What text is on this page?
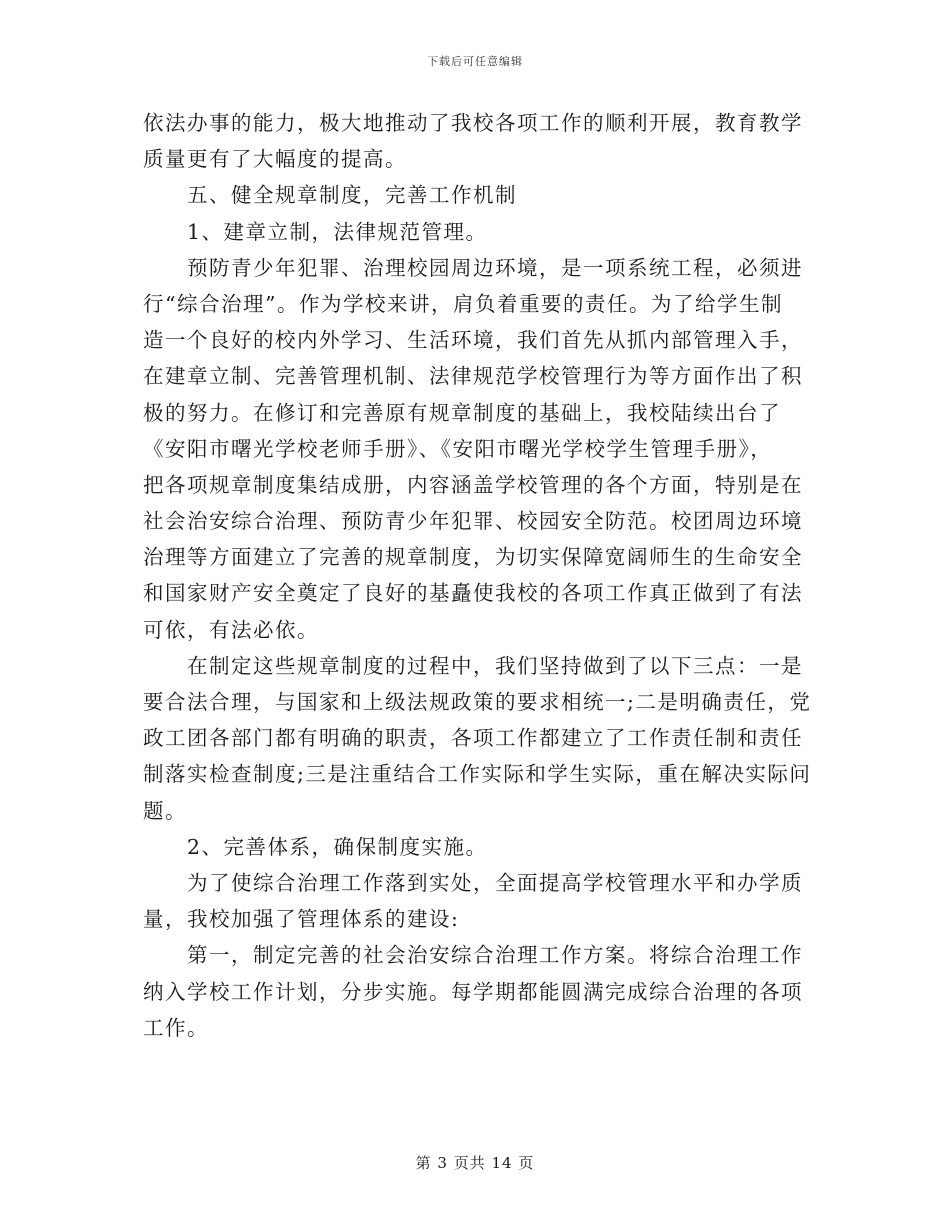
下载后可任意编辑
依法办事的能力，极大地推动了我校各项工作的顺利开展，教育教学
质量更有了大幅度的提高。
五、健全规章制度，完善工作机制
1、建章立制，法律规范管理。
预防青少年犯罪、治理校园周边环境，是一项系统工程，必须进
行“综合治理”。作为学校来讲，肩负着重要的责任。为了给学生制
造一个良好的校内外学习、生活环境，我们首先从抓内部管理入手，
在建章立制、完善管理机制、法律规范学校管理行为等方面作出了积
极的努力。在修订和完善原有规章制度的基础上，我校陆续出台了
《安阳市曙光学校老师手册》、《安阳市曙光学校学生管理手册》，
把各项规章制度集结成册，内容涵盖学校管理的各个方面，特别是在
社会治安综合治理、预防青少年犯罪、校园安全防范。校团周边环境
治理等方面建立了完善的规章制度，为切实保障宽阔师生的生命安全
和国家财产安全奠定了良好的基矗使我校的各项工作真正做到了有法
可依，有法必依。
在制定这些规章制度的过程中，我们坚持做到了以下三点：一是
要合法合理，与国家和上级法规政策的要求相统一;二是明确责任，党
政工团各部门都有明确的职责，各项工作都建立了工作责任制和责任
制落实检查制度;三是注重结合工作实际和学生实际，重在解决实际问
题。
2、完善体系，确保制度实施。
为了使综合治理工作落到实处，全面提高学校管理水平和办学质
量，我校加强了管理体系的建设:
第一，制定完善的社会治安综合治理工作方案。将综合治理工作
纳入学校工作计划，分步实施。每学期都能圆满完成综合治理的各项
工作。
第 3 页共 14 页
